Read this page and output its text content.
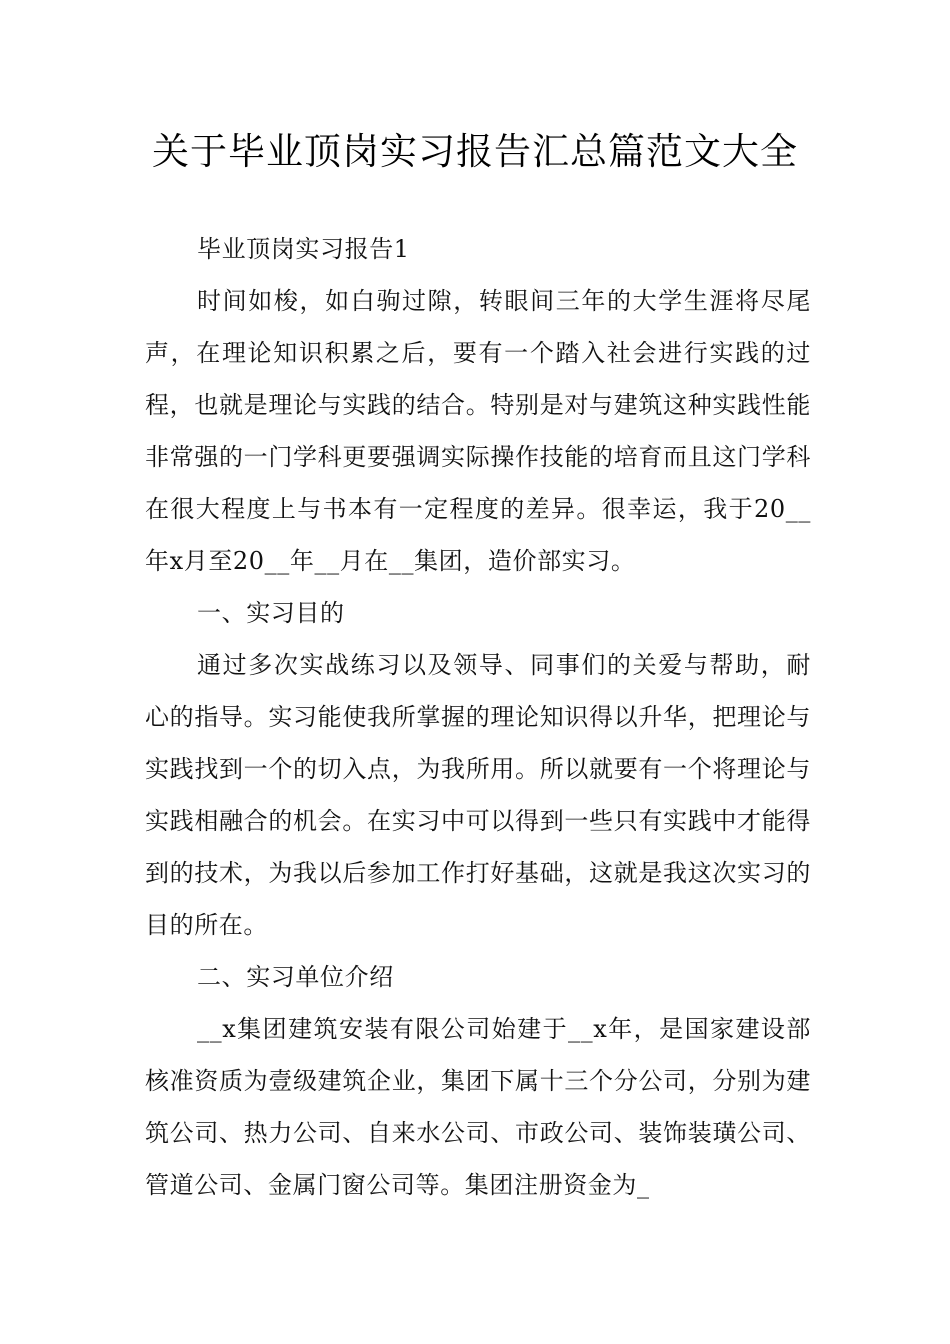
关于毕业顶岗实习报告汇总篇范文大全

毕业顶岗实习报告1

时间如梭，如白驹过隙，转眼间三年的大学生涯将尽尾声，在理论知识积累之后，要有一个踏入社会进行实践的过程，也就是理论与实践的结合。特别是对与建筑这种实践性能非常强的一门学科更要强调实际操作技能的培育而且这门学科在很大程度上与书本有一定程度的差异。很幸运，我于20__年x月至20__年__月在__集团，造价部实习。

一、实习目的

通过多次实战练习以及领导、同事们的关爱与帮助，耐心的指导。实习能使我所掌握的理论知识得以升华，把理论与实践找到一个的切入点，为我所用。所以就要有一个将理论与实践相融合的机会。在实习中可以得到一些只有实践中才能得到的技术，为我以后参加工作打好基础，这就是我这次实习的目的所在。

二、实习单位介绍

__x集团建筑安装有限公司始建于__x年，是国家建设部核准资质为壹级建筑企业，集团下属十三个分公司，分别为建筑公司、热力公司、自来水公司、市政公司、装饰装璜公司、管道公司、金属门窗公司等。集团注册资金为_
